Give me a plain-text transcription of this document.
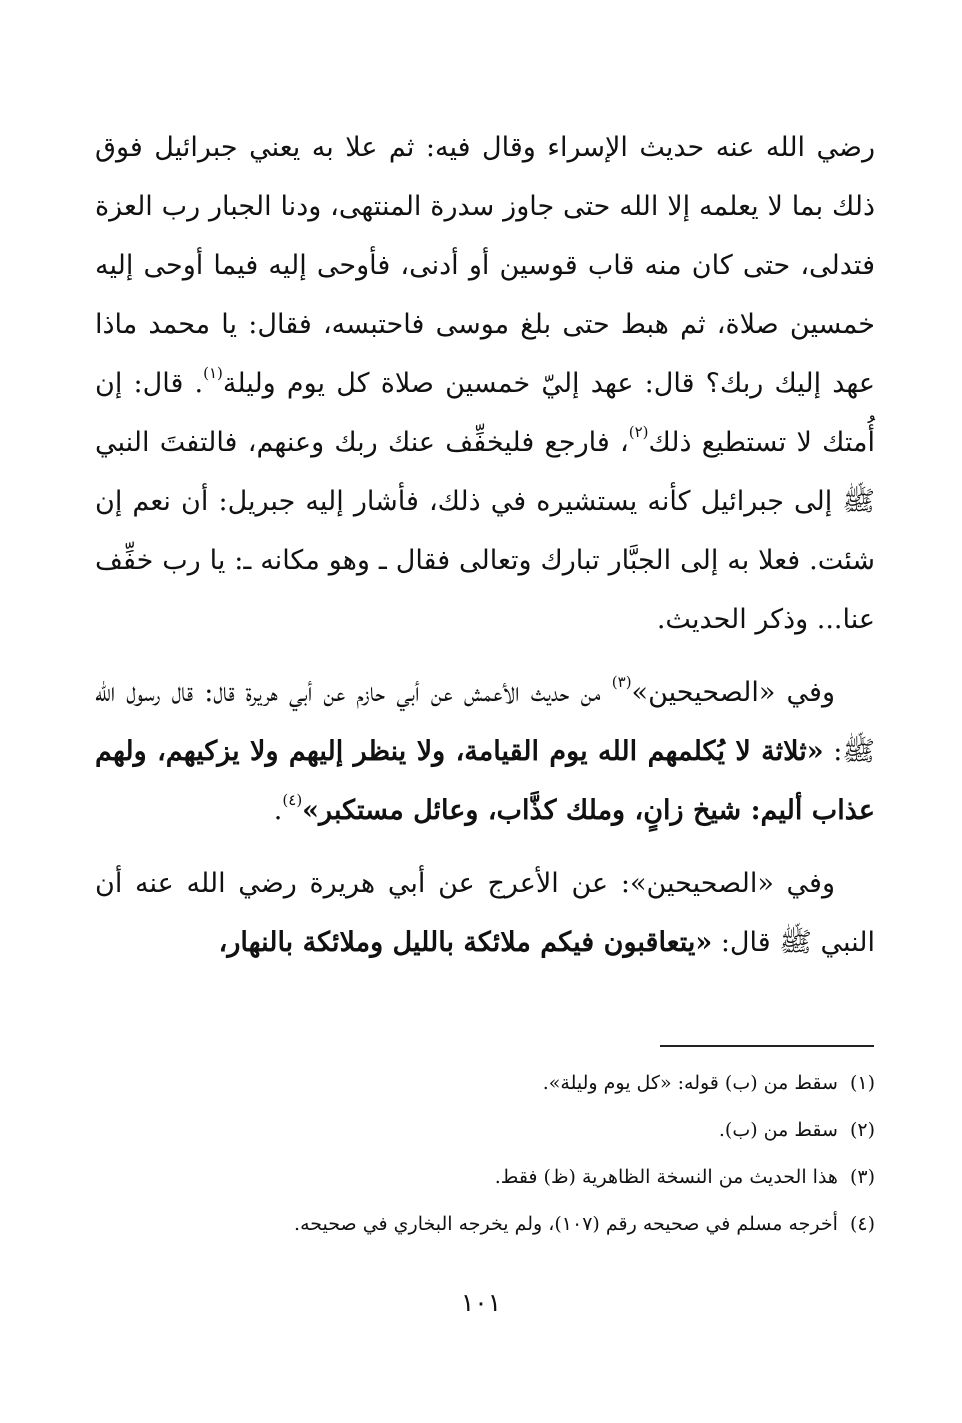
رضي الله عنه حديث الإسراء وقال فيه: ثم علا به يعني جبرائيل فوق ذلك بما لا يعلمه إلا الله حتى جاوز سدرة المنتهى، ودنا الجبار رب العزة فتدلى، حتى كان منه قاب قوسين أو أدنى، فأوحى إليه فيما أوحى إليه خمسين صلاة، ثم هبط حتى بلغ موسى فاحتبسه، فقال: يا محمد ماذا عهد إليك ربك؟ قال: عهد إليّ خمسين صلاة كل يوم وليلة$^{(١)}$. قال: إن أُمتك لا تستطيع ذلك$^{(٢)}$، فارجع فليخفِّف عنك ربك وعنهم، فالتفتَ النبي ﷺ إلى جبرائيل كأنه يستشيره في ذلك، فأشار إليه جبريل: أن نعم إن شئت. فعلا به إلى الجبَّار تبارك وتعالى فقال ـ وهو مكانه ـ: يا رب خفِّف عنا... وذكر الحديث.

وفي «الصحيحين»$^{(٣)}$ من حديث الأعمش عن أبي حازم عن أبي هريرة قال: قال رسول الله ﷺ: «ثلاثة لا يُكلمهم الله يوم القيامة، ولا ينظر إليهم ولا يزكيهم، ولهم عذاب أليم: شيخ زانٍ، وملك كذَّاب، وعائل مستكبر»$^{(٤)}$.

وفي «الصحيحين»: عن الأعرج عن أبي هريرة رضي الله عنه أن النبي ﷺ قال: «يتعاقبون فيكم ملائكة بالليل وملائكة بالنهار،

(١)سقط من (ب) قوله: «كل يوم وليلة».

(٢)سقط من (ب).

(٣)هذا الحديث من النسخة الظاهرية (ظ) فقط.

(٤)أخرجه مسلم في صحيحه رقم (١٠٧)، ولم يخرجه البخاري في صحيحه.

١٠١
